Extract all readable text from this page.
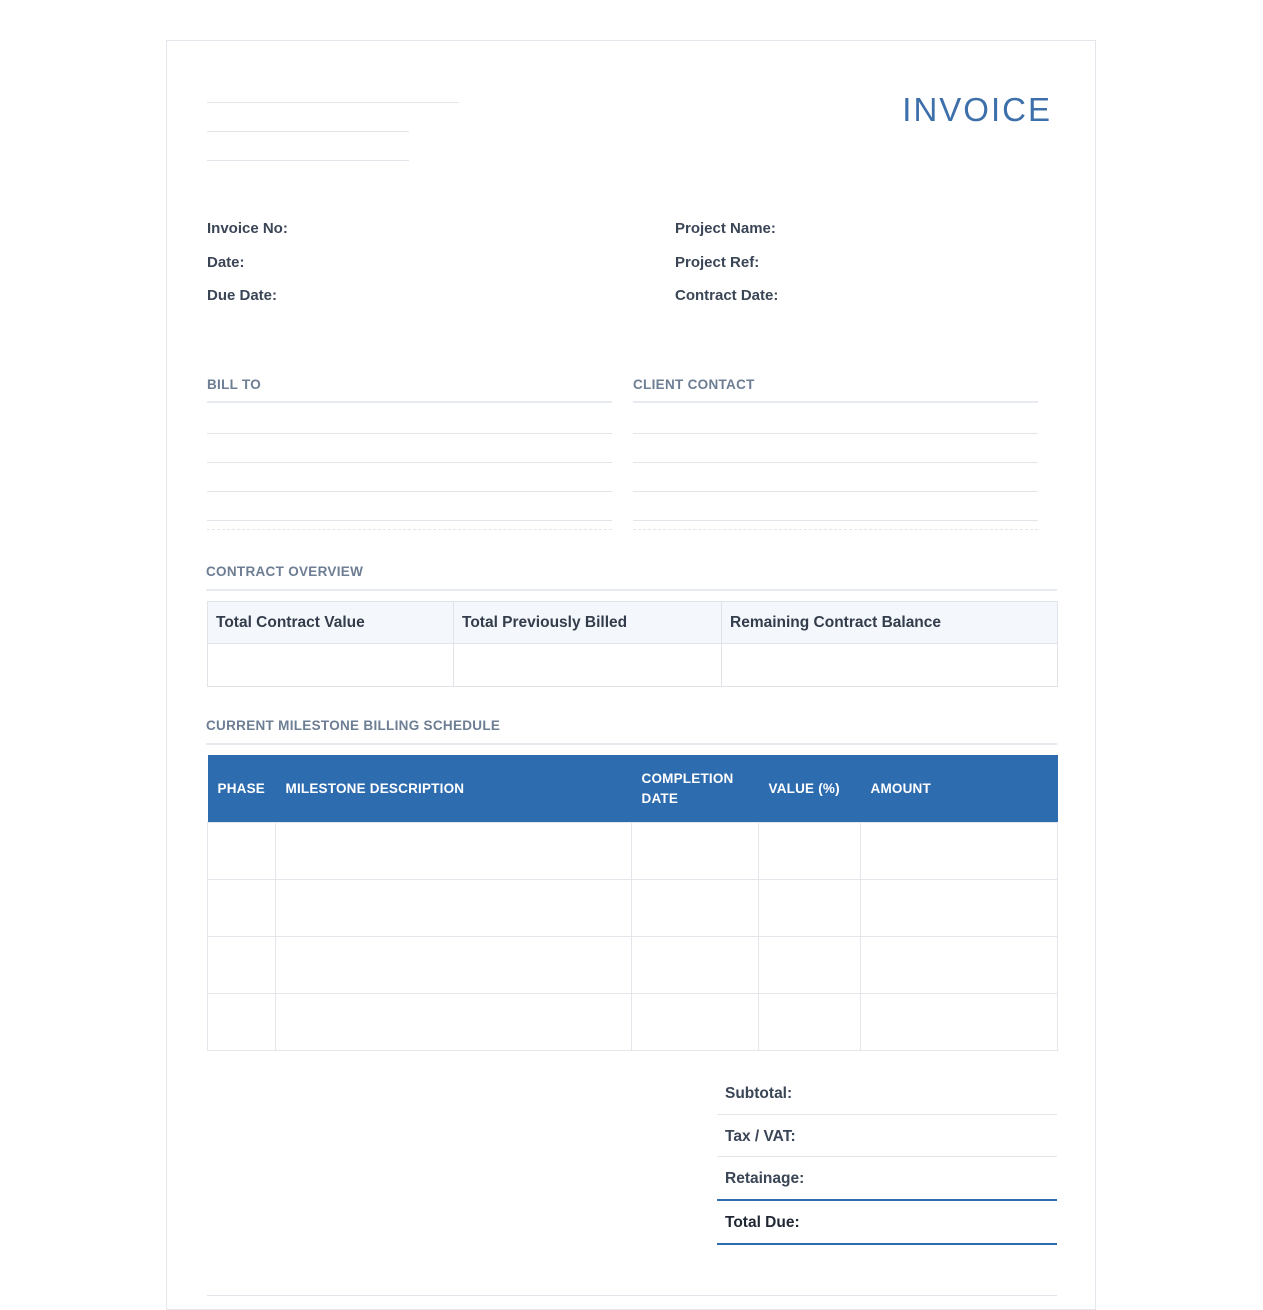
INVOICE
Invoice No:
Date:
Due Date:
Project Name:
Project Ref:
Contract Date:
BILL TO	CLIENT CONTACT
CONTRACT OVERVIEW
Total Contract Value	Total Previously Billed	Remaining Contract Balance

CURRENT MILESTONE BILLING SCHEDULE
PHASE	MILESTONE DESCRIPTION	COMPLETION DATE	VALUE (%)	AMOUNT

Subtotal:
Tax / VAT:
Retainage:
Total Due:
